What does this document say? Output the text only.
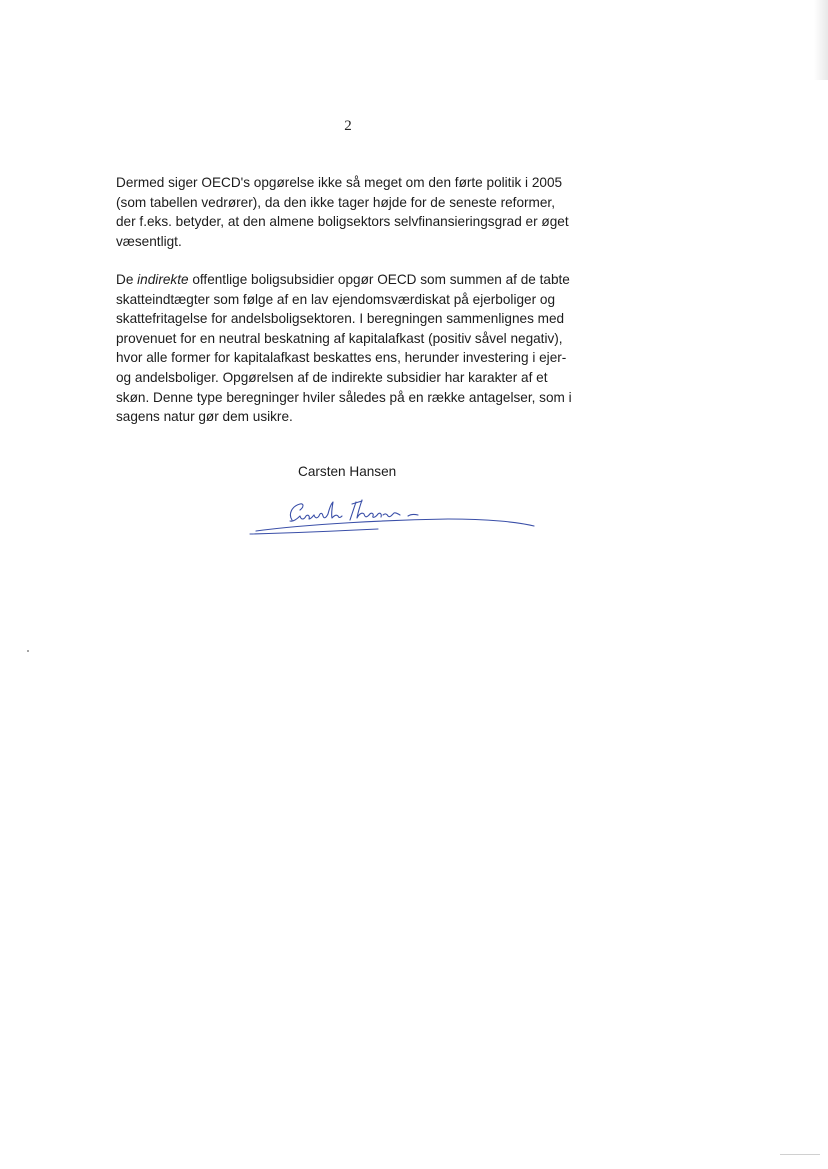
2

Dermed siger OECD's opgørelse ikke så meget om den førte politik i 2005

(som tabellen vedrører), da den ikke tager højde for de seneste reformer,

der f.eks. betyder, at den almene boligsektors selvfinansieringsgrad er øget

væsentligt.

De indirekte offentlige boligsubsidier opgør OECD som summen af de tabte

skatteindtægter som følge af en lav ejendomsværdiskat på ejerboliger og

skattefritagelse for andelsboligsektoren. I beregningen sammenlignes med

provenuet for en neutral beskatning af kapitalafkast (positiv såvel negativ),

hvor alle former for kapitalafkast beskattes ens, herunder investering i ejer-

og andelsboliger. Opgørelsen af de indirekte subsidier har karakter af et

skøn. Denne type beregninger hviler således på en række antagelser, som i

sagens natur gør dem usikre.

Carsten Hansen
